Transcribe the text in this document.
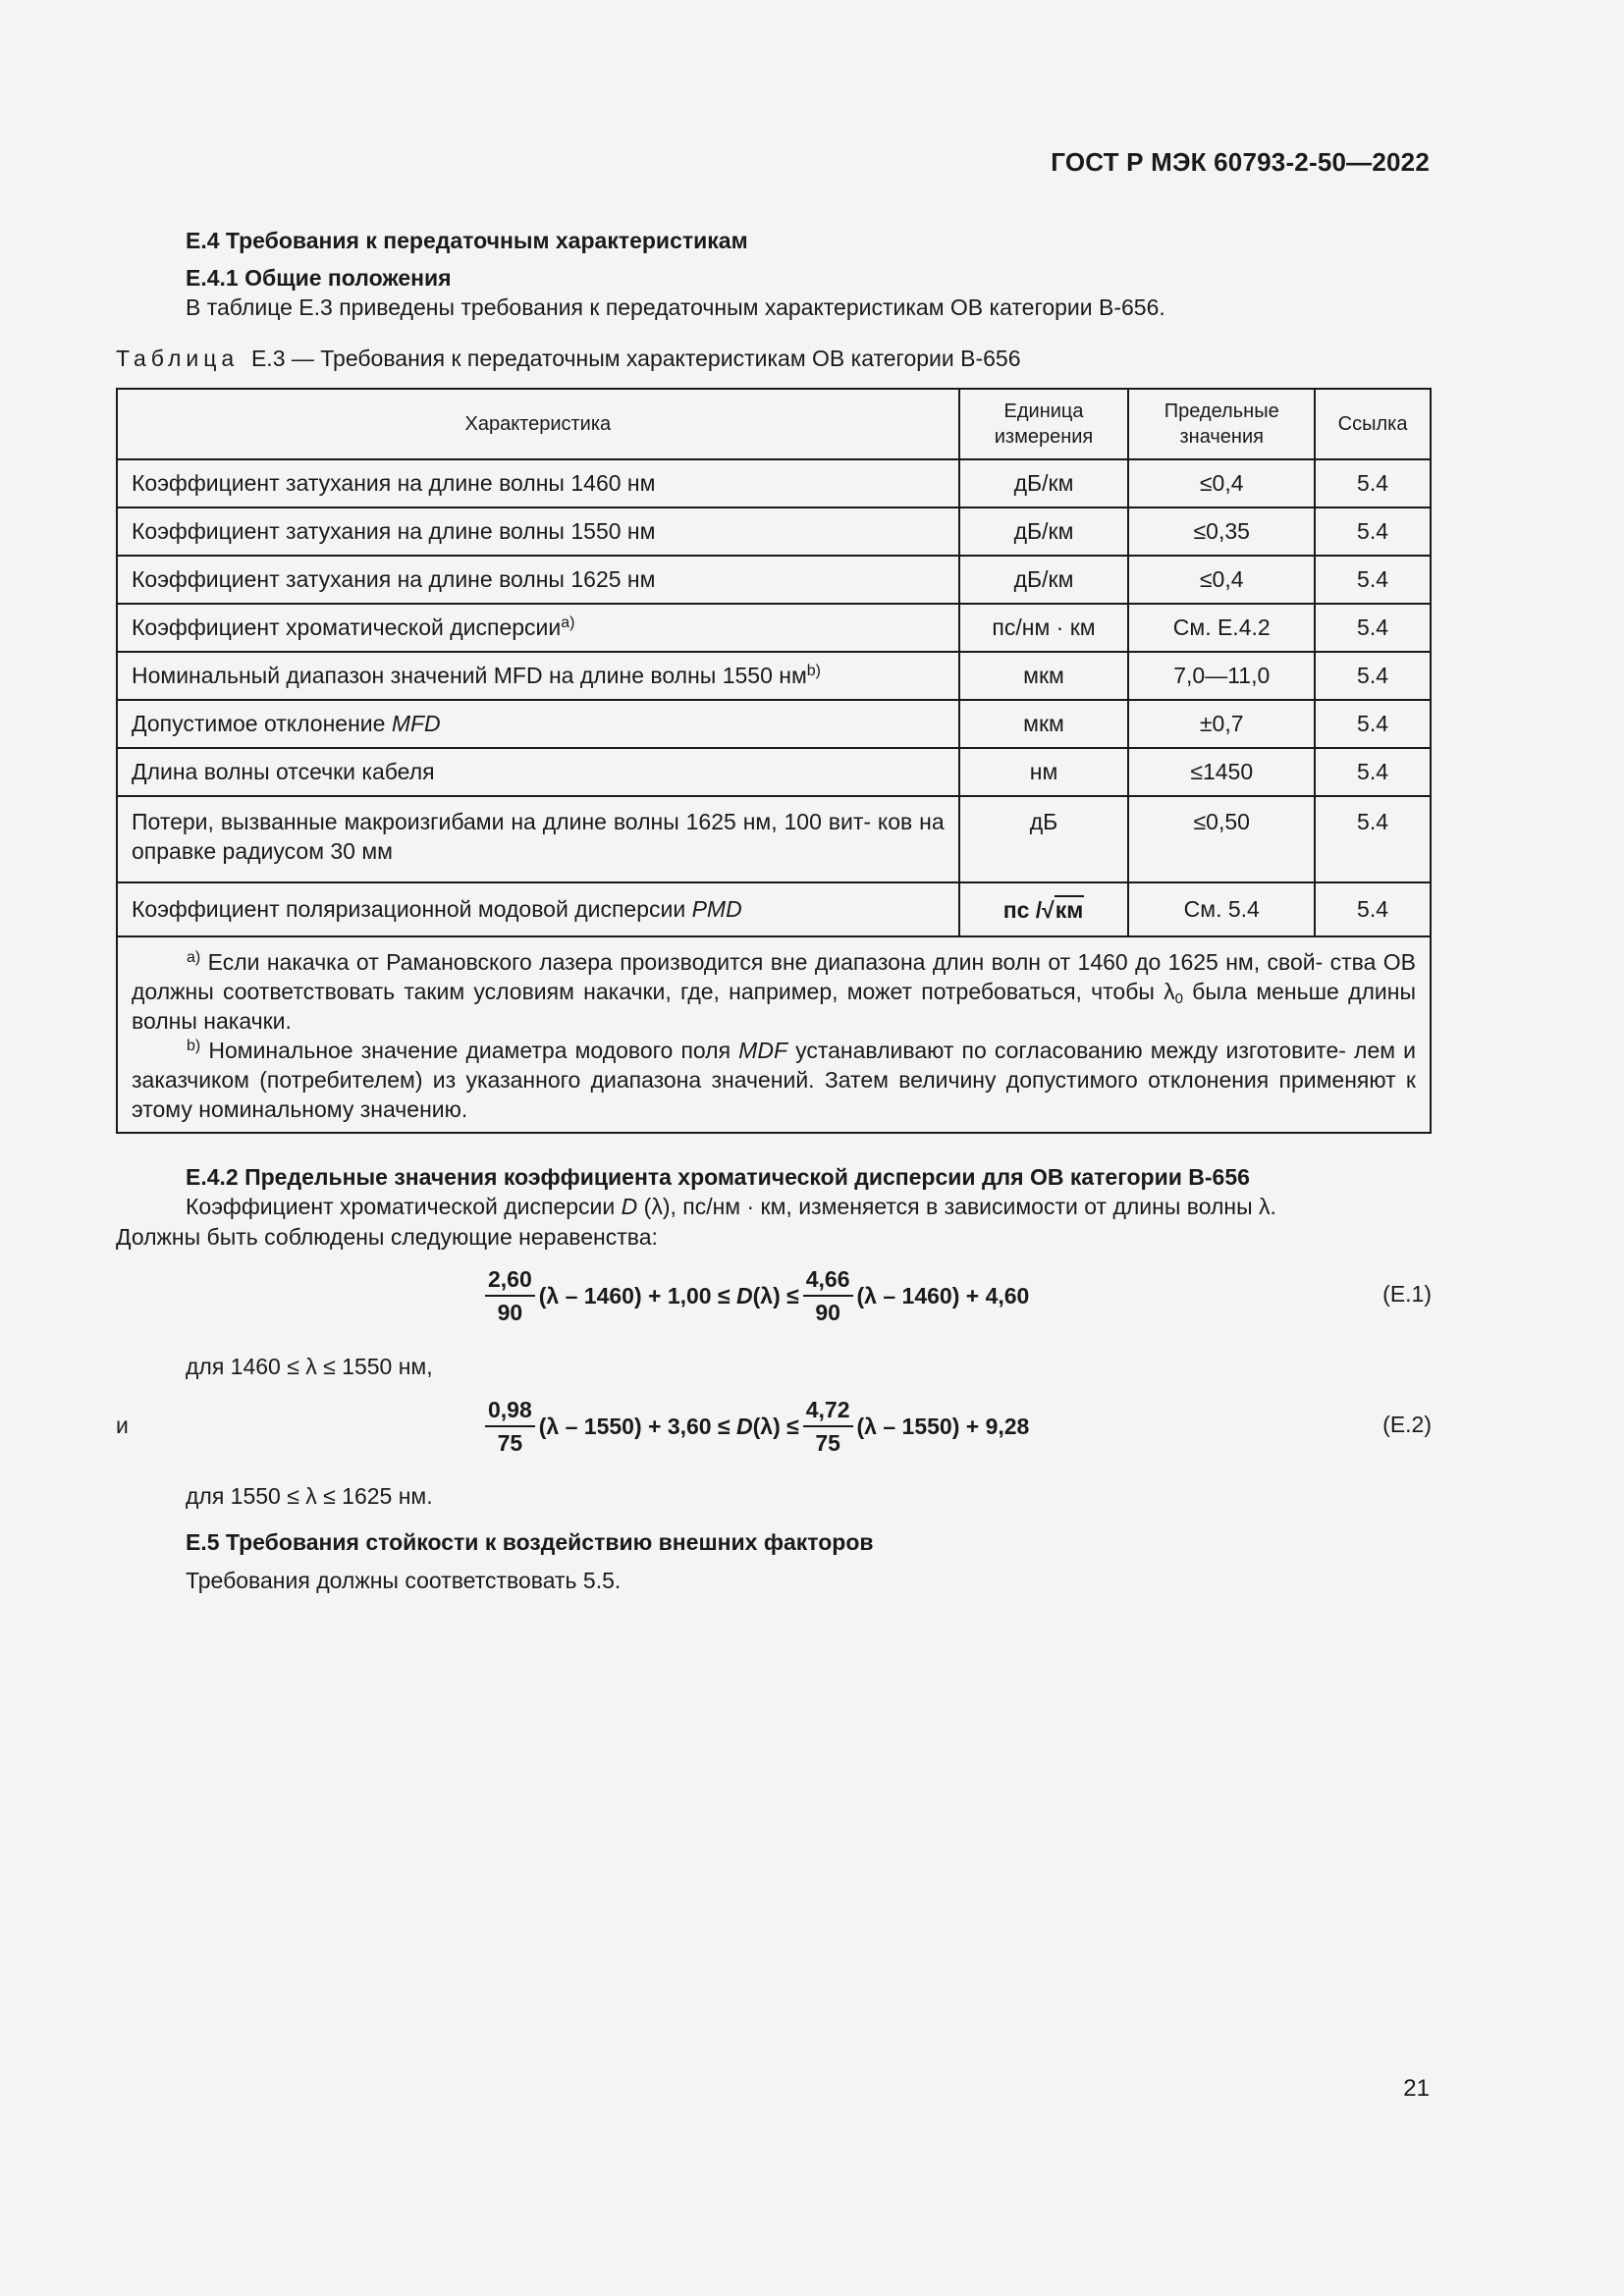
ГОСТ Р МЭК 60793-2-50—2022
Е.4 Требования к передаточным характеристикам
Е.4.1 Общие положения
В таблице Е.3 приведены требования к передаточным характеристикам ОВ категории В-656.
Таблица Е.3 — Требования к передаточным характеристикам ОВ категории В-656
Характеристика	Единица измерения	Предельные значения	Ссылка
Коэффициент затухания на длине волны 1460 нм	дБ/км	≤0,4	5.4
Коэффициент затухания на длине волны 1550 нм	дБ/км	≤0,35	5.4
Коэффициент затухания на длине волны 1625 нм	дБ/км	≤0,4	5.4
Коэффициент хроматической дисперсии$^{a)}$	пс/нм · км	См. Е.4.2	5.4
Номинальный диапазон значений MFD на длине волны 1550 $нм^{b)}$	мкм	7,0—11,0	5.4
Допустимое отклонение MFD	мкм	±0,7	5.4
Длина волны отсечки кабеля	нм	≤1450	5.4
Потери, вызванные макроизгибами на длине волны 1625 нм, 100 вит- ков на оправке радиусом 30 мм	дБ	≤0,50	5.4
Коэффициент поляризационной модовой дисперсии PMD	пс /√ км	См. 5.4	5.4

$^{a)}$ Если накачка от Рамановского лазера производится вне диапазона длин волн от 1460 до 1625 нм, свой- ства ОВ должны соответствовать таким условиям накачки, где, например, может потребоваться, чтобы $\lambda_0$ была меньше длины волны накачки.
$^{b)}$ Номинальное значение диаметра модового поля MDF устанавливают по согласованию между изготовите- лем и заказчиком (потребителем) из указанного диапазона значений. Затем величину допустимого отклонения применяют к этому номинальному значению.			
Е.4.2 Предельные значения коэффициента хроматической дисперсии для ОВ категории В-656
Коэффициент хроматической дисперсии D (λ), пс/нм · км, изменяется в зависимости от длины волны λ.
Должны быть соблюдены следующие неравенства:
$\frac{2,60}{90} (\lambda - 1460) + 1,00 \le D$ $(\lambda) \le \frac{4,66}{90} (\lambda - 1460) + 4,60$	(Е.1)
для 1460 ≤ λ ≤ 1550 нм,
и	$\frac{0,98}{75} (\lambda - 1550) + 3,60 \le D$ $(\lambda) \le \frac{4,72}{75} (\lambda - 1550) + 9,28$	(Е.2)
для 1550 ≤ λ ≤ 1625 нм.
Е.5 Требования стойкости к воздействию внешних факторов
Требования должны соответствовать 5.5.
21
